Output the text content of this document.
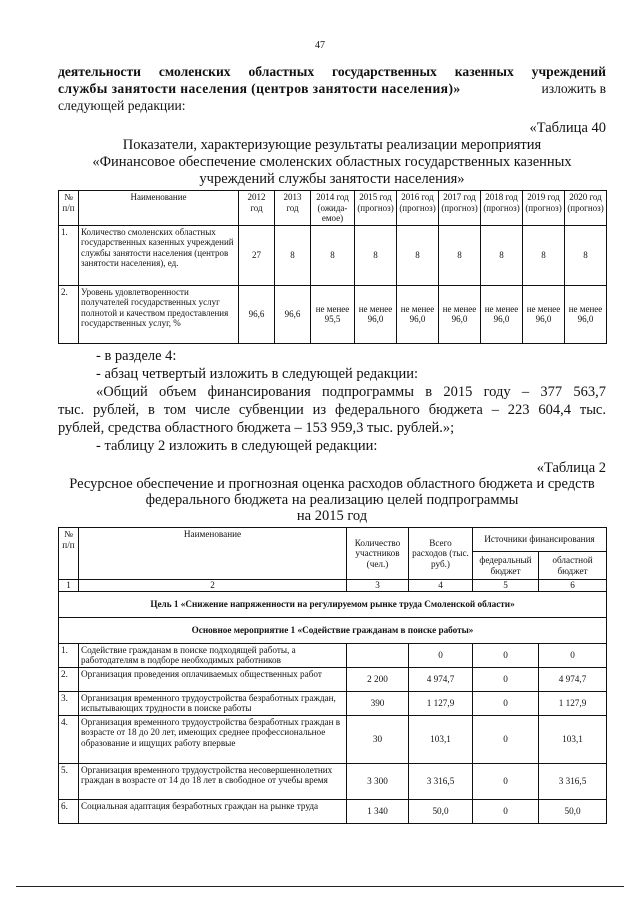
47
деятельности смоленских областных государственных казенных учреждений
службы занятости населения (центров занятости населения)»	изложить в
следующей редакции:
«Таблица 40
Показатели, характеризующие результаты реализации мероприятия
«Финансовое обеспечение смоленских областных государственных казенных
учреждений службы занятости населения»
№ п/п	Наименование	2012 год	2013 год	2014 год (ожида-емое)	2015 год (прогноз)	2016 год (прогноз)	2017 год (прогноз)	2018 год (прогноз)	2019 год (прогноз)	2020 год (прогноз)
1.	Количество смоленских областных государственных казенных учреждений службы занятости населения (центров занятости населения), ед.	27	8	8	8	8	8	8	8	8
2.	Уровень удовлетворенности получателей государственных услуг полнотой и качеством предоставления государственных услуг, %	96,6	96,6	не менее 95,5	не менее 96,0	не менее 96,0	не менее 96,0	не менее 96,0	не менее 96,0	не менее 96,0
- в разделе 4:
- абзац четвертый изложить в следующей редакции:
«Общий объем финансирования подпрограммы в 2015 году – 377 563,7
тыс. рублей, в том числе субвенции из федерального бюджета – 223 604,4 тыс.
рублей, средства областного бюджета – 153 959,3 тыс. рублей.»;
- таблицу 2 изложить в следующей редакции:
«Таблица 2
Ресурсное обеспечение и прогнозная оценка расходов областного бюджета и средств
федерального бюджета на реализацию целей подпрограммы
на 2015 год
№ п/п	Наименование	Количество участников (чел.)	Всего расходов (тыс. руб.)	Источники финансирования	
				федеральный бюджет	областной бюджет
1	2	3	4	5	6
Цель 1 «Снижение напряженности на регулируемом рынке труда Смоленской области»					
Основное мероприятие 1 «Содействие гражданам в поиске работы»					
1.	Содействие гражданам в поиске подходящей работы, а работодателям в подборе необходимых работников		0	0	0
2.	Организация проведения оплачиваемых общественных работ	2 200	4 974,7	0	4 974,7
3.	Организация временного трудоустройства безработных граждан, испытывающих трудности в поиске работы	390	1 127,9	0	1 127,9
4.	Организация временного трудоустройства безработных граждан в возрасте от 18 до 20 лет, имеющих среднее профессиональное образование и ищущих работу впервые	30	103,1	0	103,1
5.	Организация временного трудоустройства несовершеннолетних граждан в возрасте от 14 до 18 лет в свободное от учебы время	3 300	3 316,5	0	3 316,5
6.	Социальная адаптация безработных граждан на рынке труда	1 340	50,0	0	50,0
